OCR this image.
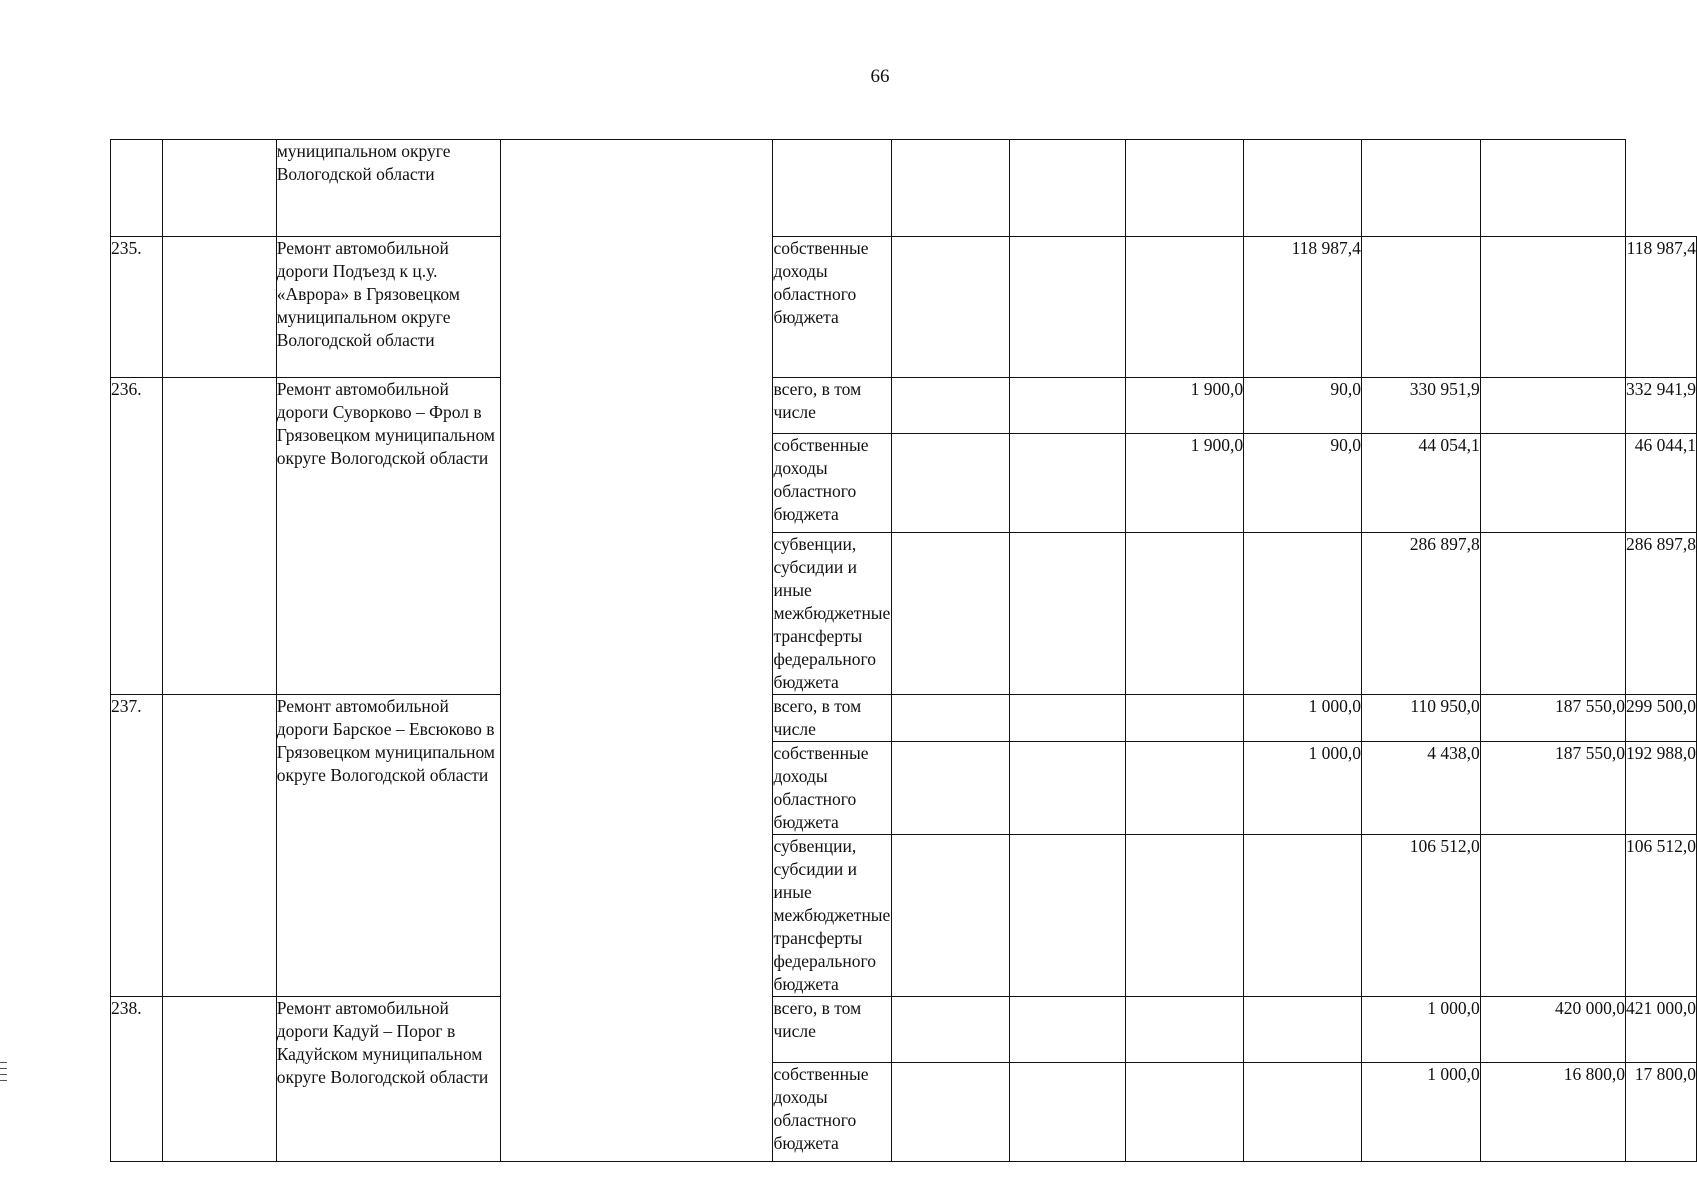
66
		муниципальном округе Вологодской области										
235.		Ремонт автомобильной дороги Подъезд к ц.у. «Аврора» в Грязовецком муниципальном округе Вологодской области			собственные доходы областного бюджета				118 987,4			118 987,4
236.		Ремонт автомобильной дороги Суворково – Фрол в Грязовецком муниципальном округе Вологодской области			всего, в том числе			1 900,0	90,0	330 951,9		332 941,9
					собственные доходы областного бюджета			1 900,0	90,0	44 054,1		46 044,1
					субвенции, субсидии и иные межбюджетные трансферты федерального бюджета					286 897,8		286 897,8
237.		Ремонт автомобильной дороги Барское – Евсюково в Грязовецком муниципальном округе Вологодской области			всего, в том числе				1 000,0	110 950,0	187 550,0	299 500,0
					собственные доходы областного бюджета				1 000,0	4 438,0	187 550,0	192 988,0
					субвенции, субсидии и иные межбюджетные трансферты федерального бюджета					106 512,0		106 512,0
238.		Ремонт автомобильной дороги Кадуй – Порог в Кадуйском муниципальном округе Вологодской области			всего, в том числе					1 000,0	420 000,0	421 000,0
					собственные доходы областного бюджета					1 000,0	16 800,0	17 800,0
